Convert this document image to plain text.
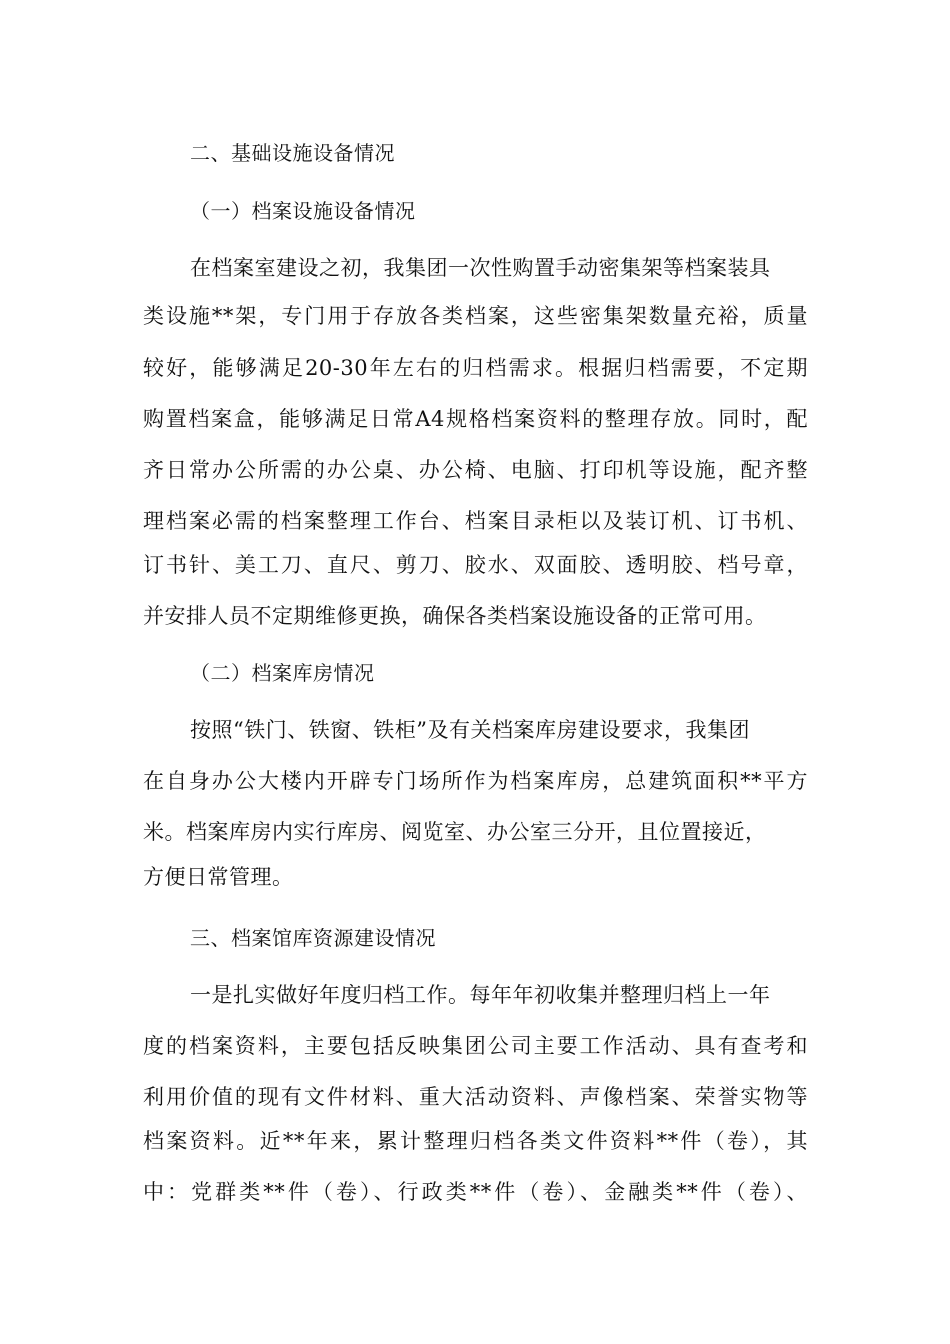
二、基础设施设备情况
（一）档案设施设备情况
在档案室建设之初，我集团一次性购置手动密集架等档案装具
类设施**架，专门用于存放各类档案，这些密集架数量充裕，质量
较好，能够满足20-30年左右的归档需求。根据归档需要，不定期
购置档案盒，能够满足日常A4规格档案资料的整理存放。同时，配
齐日常办公所需的办公桌、办公椅、电脑、打印机等设施，配齐整
理档案必需的档案整理工作台、档案目录柜以及装订机、订书机、
订书针、美工刀、直尺、剪刀、胶水、双面胶、透明胶、档号章，
并安排人员不定期维修更换，确保各类档案设施设备的正常可用。
（二）档案库房情况
按照“铁门、铁窗、铁柜”及有关档案库房建设要求，我集团
在自身办公大楼内开辟专门场所作为档案库房，总建筑面积**平方
米。档案库房内实行库房、阅览室、办公室三分开，且位置接近，
方便日常管理。
三、档案馆库资源建设情况
一是扎实做好年度归档工作。每年年初收集并整理归档上一年
度的档案资料，主要包括反映集团公司主要工作活动、具有查考和
利用价值的现有文件材料、重大活动资料、声像档案、荣誉实物等
档案资料。近**年来，累计整理归档各类文件资料**件（卷），其
中：党群类**件（卷）、行政类**件（卷）、金融类**件（卷）、
